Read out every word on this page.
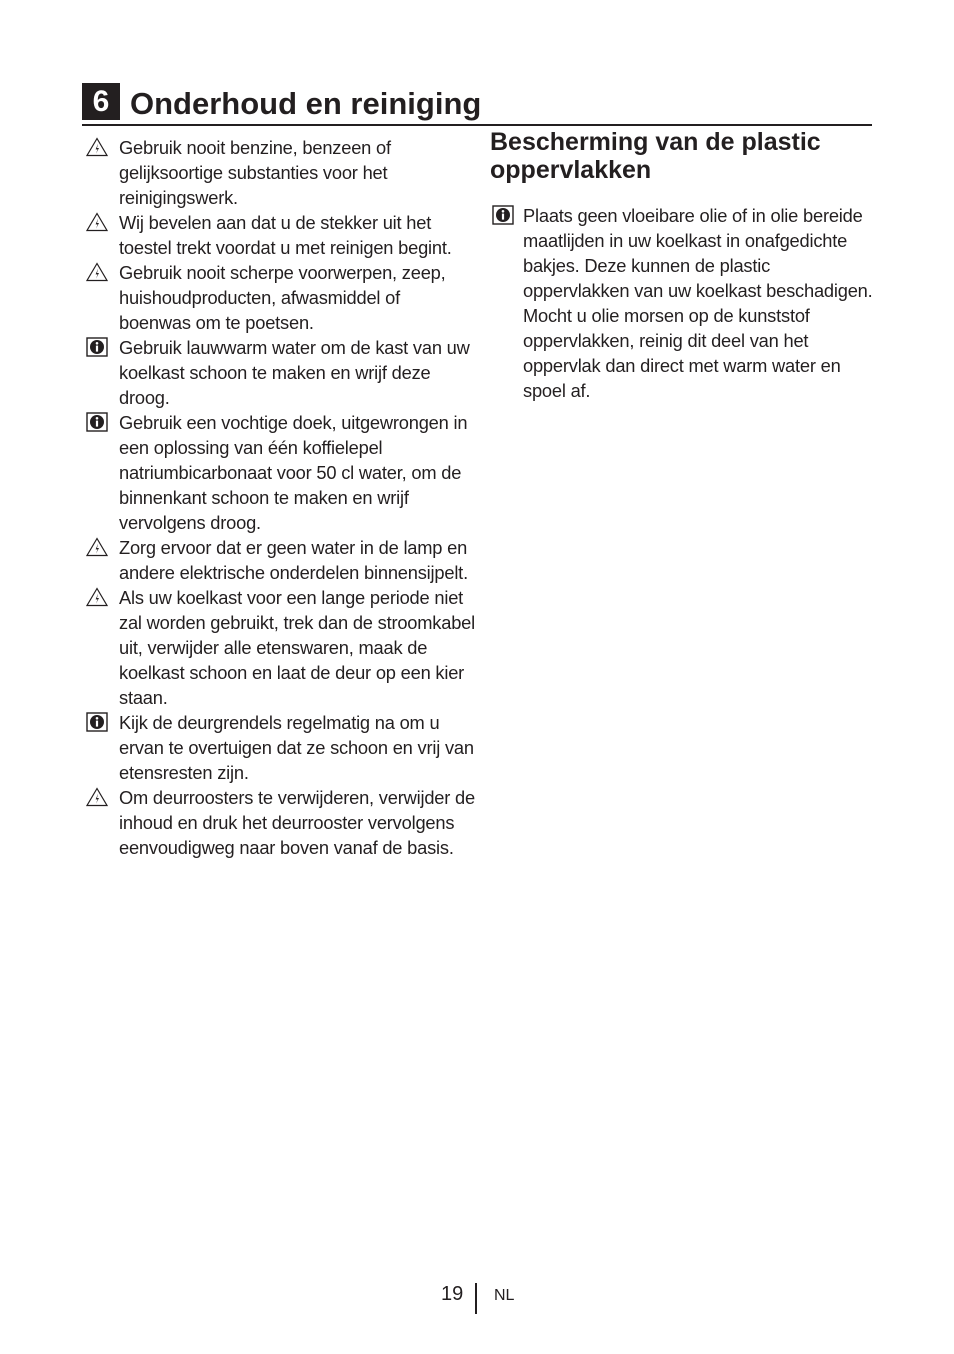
6 Onderhoud en reiniging
Gebruik nooit benzine, benzeen of gelijksoortige substanties voor het reinigingswerk.
Wij bevelen aan dat u de stekker uit het toestel trekt voordat u met reinigen begint.
Gebruik nooit scherpe voorwerpen, zeep, huishoudproducten, afwasmiddel of boenwas om te poetsen.
Gebruik lauwwarm water om de kast van uw koelkast schoon te maken en wrijf deze droog.
Gebruik een vochtige doek, uitgewrongen in een oplossing van één koffielepel natriumbicarbonaat voor 50 cl water, om de binnenkant schoon te maken en wrijf vervolgens droog.
Zorg ervoor dat er geen water in de lamp en andere elektrische onderdelen binnensijpelt.
Als uw koelkast voor een lange periode niet zal worden gebruikt, trek dan de stroomkabel uit, verwijder alle etenswaren, maak de koelkast schoon en laat de deur op een kier staan.
Kijk de deurgrendels regelmatig na om u ervan te overtuigen dat ze schoon en vrij van etensresten zijn.
Om deurroosters te verwijderen, verwijder de inhoud en druk het deurrooster vervolgens eenvoudigweg naar boven vanaf de basis.
Bescherming van de plastic oppervlakken
Plaats geen vloeibare olie of in olie bereide maatlijden in uw koelkast in onafgedichte bakjes. Deze kunnen de plastic oppervlakken van uw koelkast beschadigen. Mocht u olie morsen op de kunststof oppervlakken, reinig dit deel van het oppervlak dan direct met warm water en spoel af.
19 NL
